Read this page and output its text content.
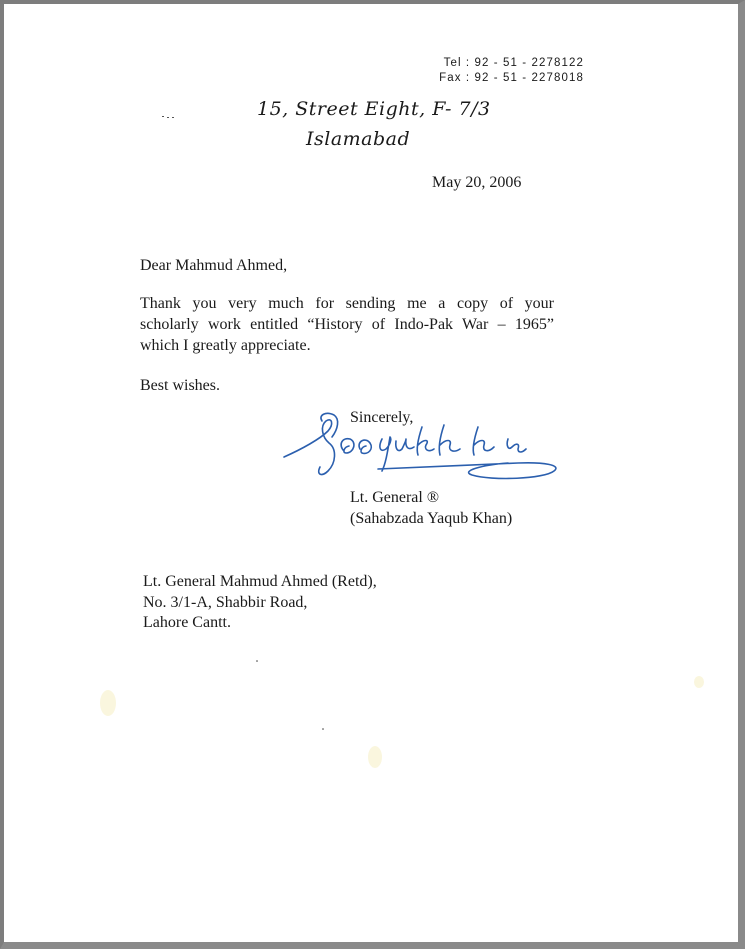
Tel : 92 - 51 - 2278122
Fax : 92 - 51 - 2278018
15, Street Eight, F- 7/3
Islamabad
May 20, 2006
Dear Mahmud Ahmed,
Thank you very much for sending me a copy of your
scholarly work entitled “History of Indo-Pak War – 1965”
which I greatly appreciate.
Best wishes.
Sincerely,
Lt. General ®
(Sahabzada Yaqub Khan)
Lt. General Mahmud Ahmed (Retd),
No. 3/1-A, Shabbir Road,
Lahore Cantt.
